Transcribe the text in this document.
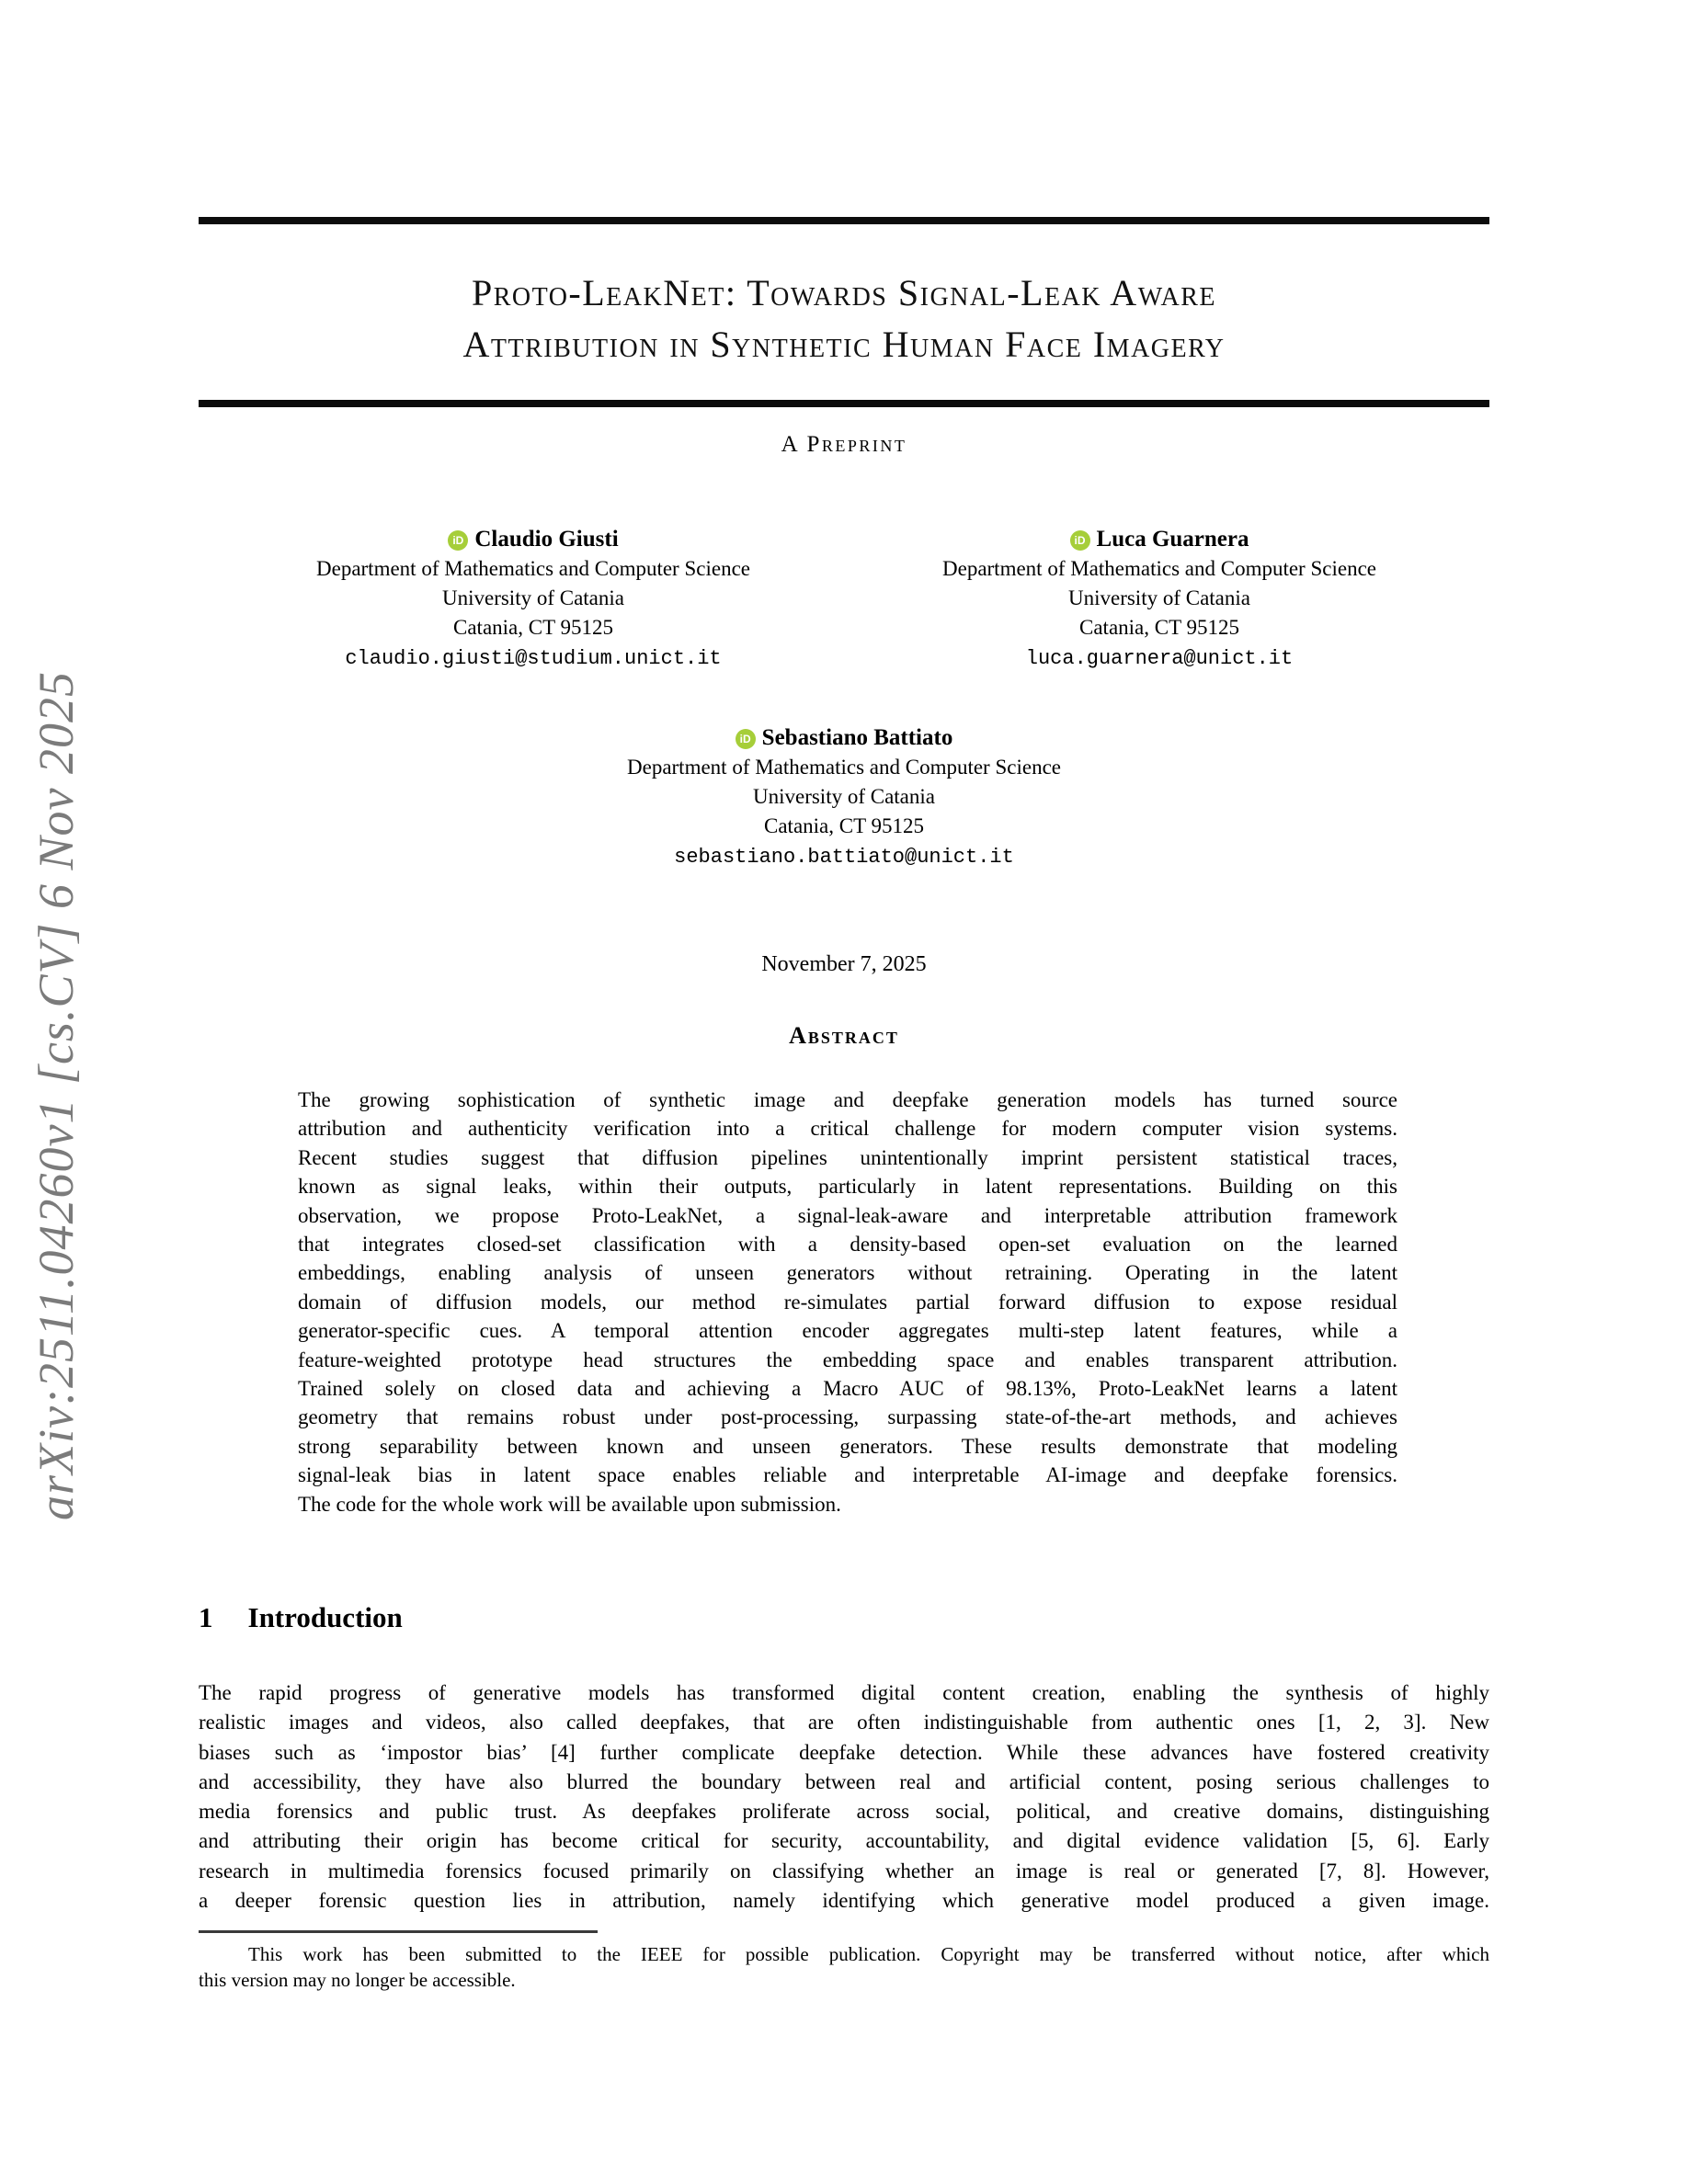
arXiv:2511.04260v1 [cs.CV] 6 Nov 2025
Proto-LeakNet: Towards Signal-Leak Aware
Attribution in Synthetic Human Face Imagery
A Preprint
iD Claudio Giusti
Department of Mathematics and Computer Science
University of Catania
Catania, CT 95125
claudio.giusti@studium.unict.it
iD Luca Guarnera
Department of Mathematics and Computer Science
University of Catania
Catania, CT 95125
luca.guarnera@unict.it
iD Sebastiano Battiato
Department of Mathematics and Computer Science
University of Catania
Catania, CT 95125
sebastiano.battiato@unict.it
November 7, 2025
Abstract
The growing sophistication of synthetic image and deepfake generation models has turned source
attribution and authenticity verification into a critical challenge for modern computer vision systems.
Recent studies suggest that diffusion pipelines unintentionally imprint persistent statistical traces,
known as signal leaks, within their outputs, particularly in latent representations. Building on this
observation, we propose Proto-LeakNet, a signal-leak-aware and interpretable attribution framework
that integrates closed-set classification with a density-based open-set evaluation on the learned
embeddings, enabling analysis of unseen generators without retraining. Operating in the latent
domain of diffusion models, our method re-simulates partial forward diffusion to expose residual
generator-specific cues. A temporal attention encoder aggregates multi-step latent features, while a
feature-weighted prototype head structures the embedding space and enables transparent attribution.
Trained solely on closed data and achieving a Macro AUC of 98.13%, Proto-LeakNet learns a latent
geometry that remains robust under post-processing, surpassing state-of-the-art methods, and achieves
strong separability between known and unseen generators. These results demonstrate that modeling
signal-leak bias in latent space enables reliable and interpretable AI-image and deepfake forensics.
The code for the whole work will be available upon submission.
1 Introduction
The rapid progress of generative models has transformed digital content creation, enabling the synthesis of highly
realistic images and videos, also called deepfakes, that are often indistinguishable from authentic ones [1, 2, 3]. New
biases such as ‘impostor bias’ [4] further complicate deepfake detection. While these advances have fostered creativity
and accessibility, they have also blurred the boundary between real and artificial content, posing serious challenges to
media forensics and public trust. As deepfakes proliferate across social, political, and creative domains, distinguishing
and attributing their origin has become critical for security, accountability, and digital evidence validation [5, 6]. Early
research in multimedia forensics focused primarily on classifying whether an image is real or generated [7, 8]. However,
a deeper forensic question lies in attribution, namely identifying which generative model produced a given image.
This work has been submitted to the IEEE for possible publication. Copyright may be transferred without notice, after which
this version may no longer be accessible.
